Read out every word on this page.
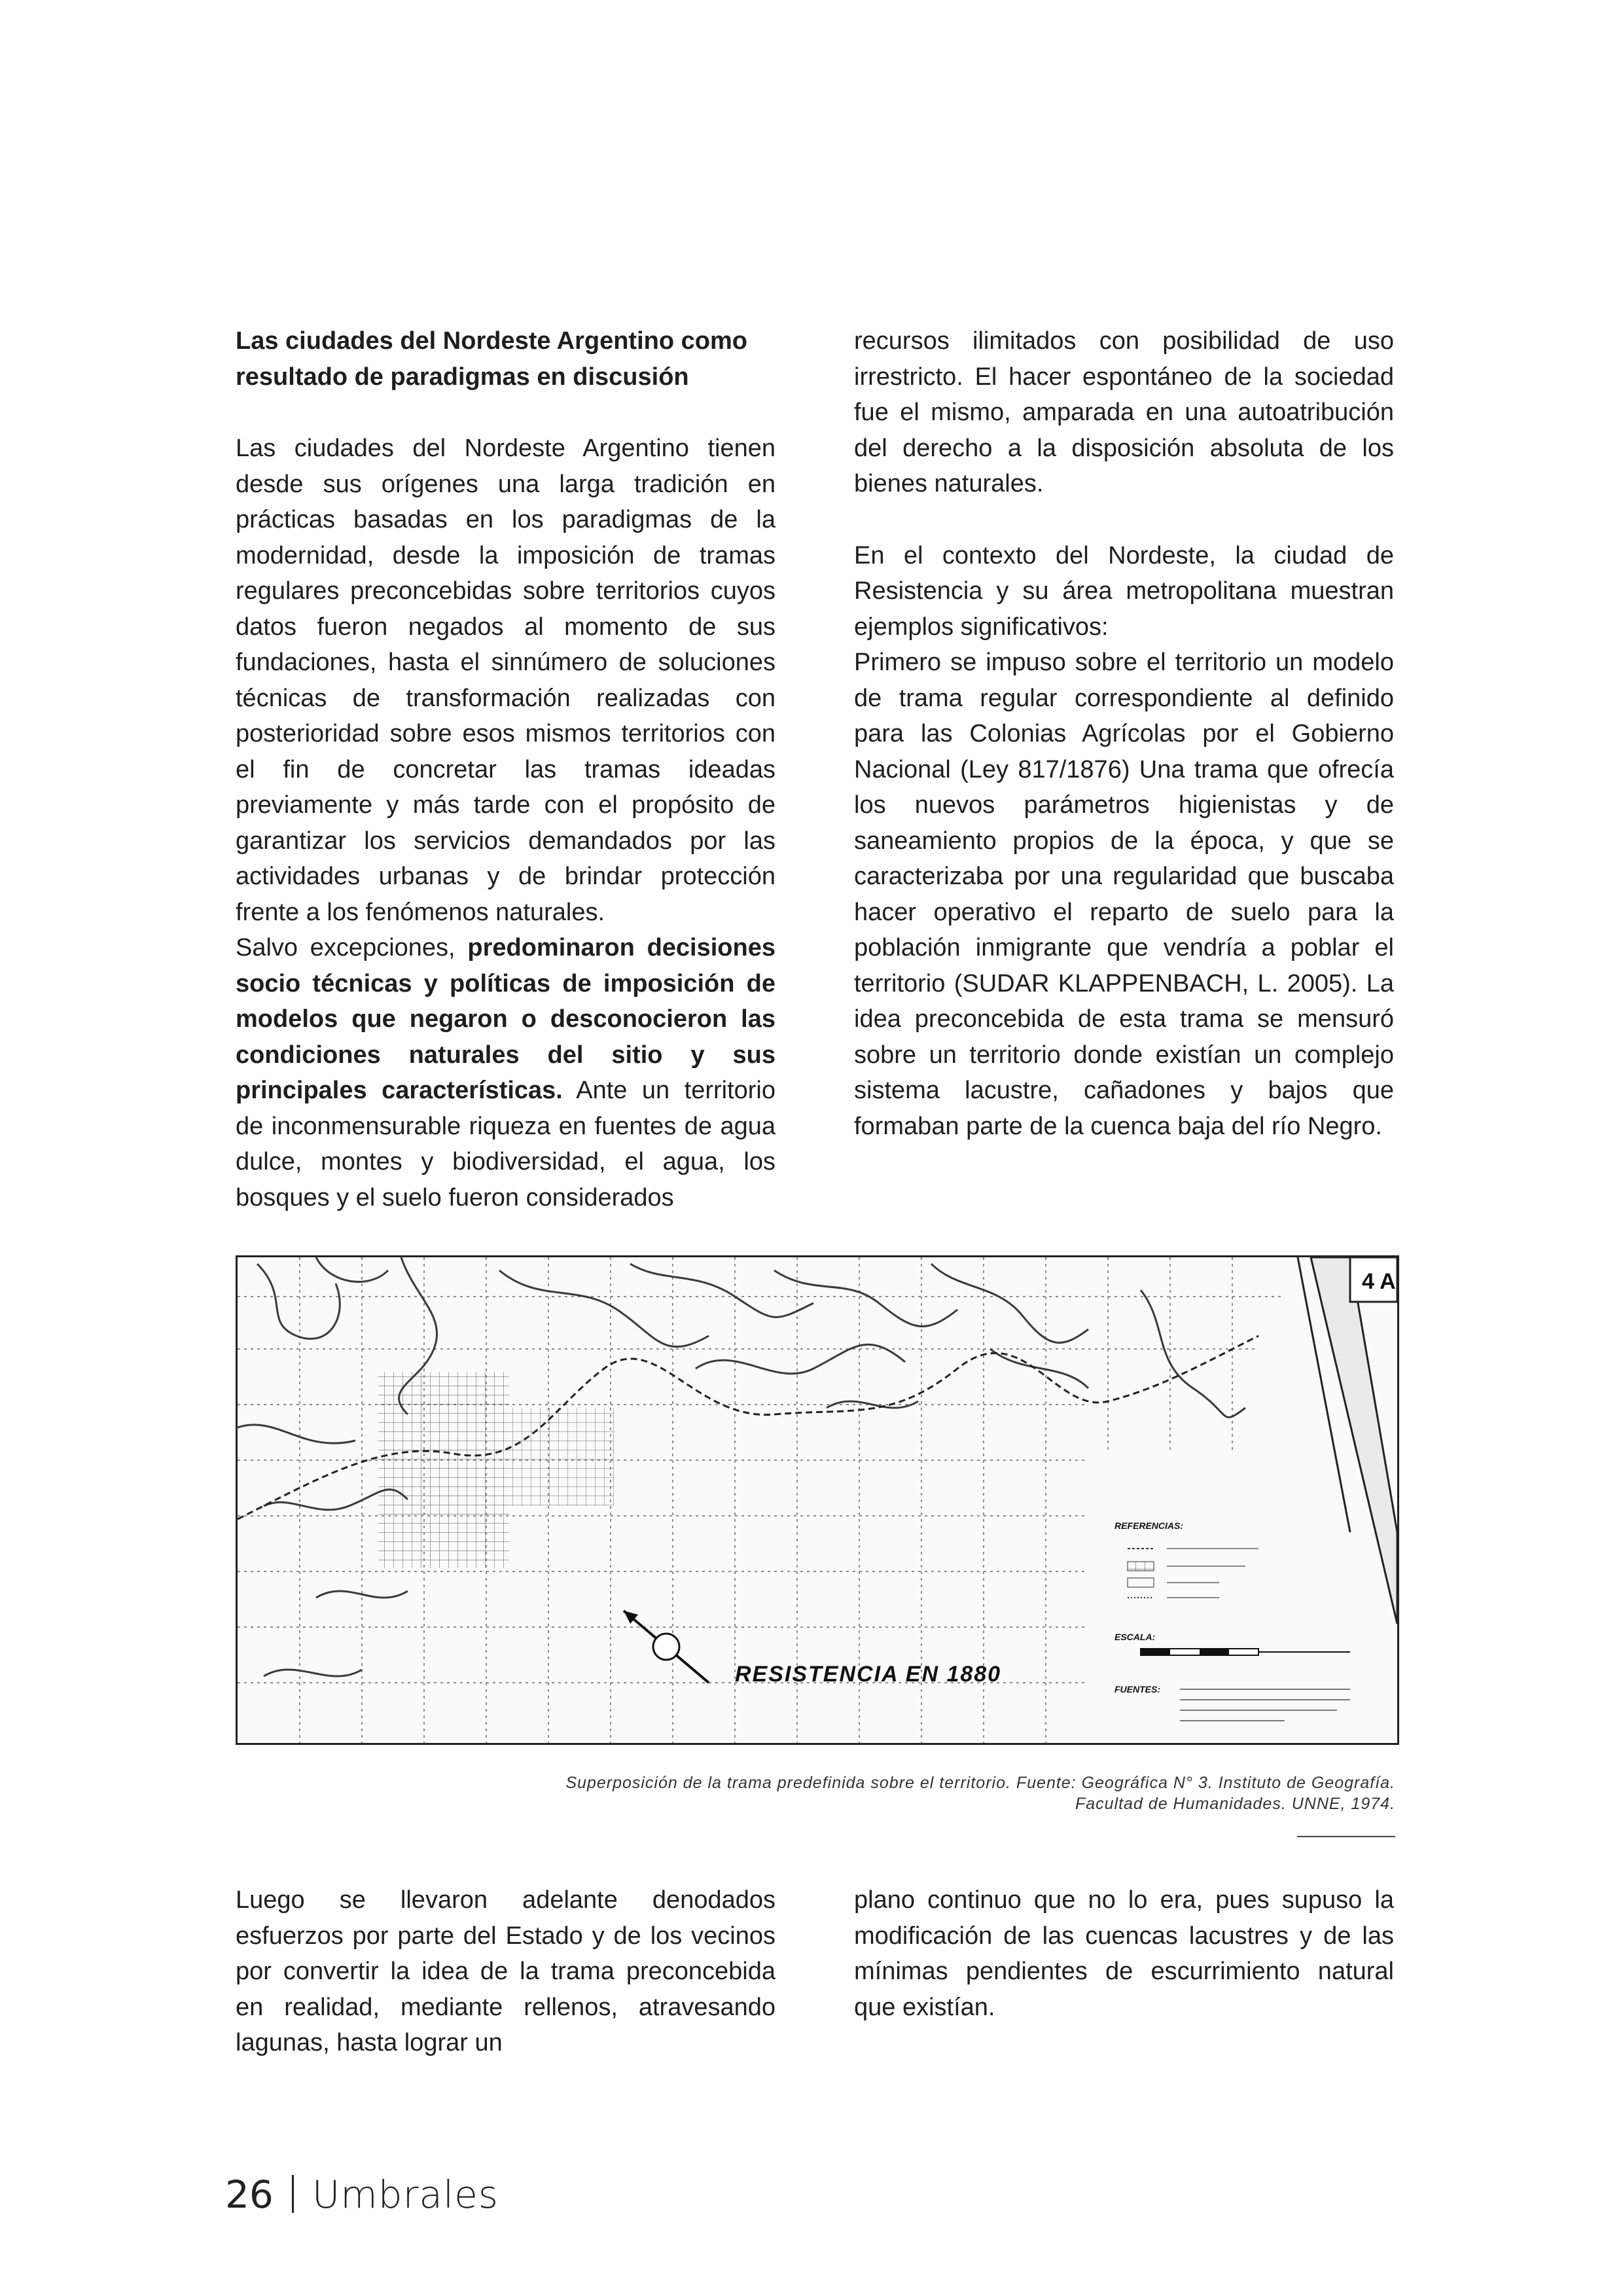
Las ciudades del Nordeste Argentino como resultado de paradigmas en discusión

Las ciudades del Nordeste Argentino tienen desde sus orígenes una larga tradición en prácticas basadas en los paradigmas de la modernidad, desde la imposición de tramas regulares preconcebidas sobre territorios cuyos datos fueron negados al momento de sus fundaciones, hasta el sinnúmero de soluciones técnicas de transformación realizadas con posterioridad sobre esos mismos territorios con el fin de concretar las tramas ideadas previamente y más tarde con el propósito de garantizar los servicios demandados por las actividades urbanas y de brindar protección frente a los fenómenos naturales.

Salvo excepciones, predominaron decisiones socio técnicas y políticas de imposición de modelos que negaron o desconocieron las condiciones naturales del sitio y sus principales características. Ante un territorio de inconmensurable riqueza en fuentes de agua dulce, montes y biodiversidad, el agua, los bosques y el suelo fueron considerados

recursos ilimitados con posibilidad de uso irrestricto. El hacer espontáneo de la sociedad fue el mismo, amparada en una autoatribución del derecho a la disposición absoluta de los bienes naturales.

En el contexto del Nordeste, la ciudad de Resistencia y su área metropolitana muestran ejemplos significativos:

Primero se impuso sobre el territorio un modelo de trama regular correspondiente al definido para las Colonias Agrícolas por el Gobierno Nacional (Ley 817/1876) Una trama que ofrecía los nuevos parámetros higienistas y de saneamiento propios de la época, y que se caracterizaba por una regularidad que buscaba hacer operativo el reparto de suelo para la población inmigrante que vendría a poblar el territorio (SUDAR KLAPPENBACH, L. 2005). La idea preconcebida de esta trama se mensuró sobre un territorio donde existían un complejo sistema lacustre, cañadones y bajos que formaban parte de la cuenca baja del río Negro.

4 A
RESISTENCIA EN 1880
REFERENCIAS:
ESCALA:
FUENTES:
Superposición de la trama predefinida sobre el territorio. Fuente: Geográfica N° 3. Instituto de Geografía.
Facultad de Humanidades. UNNE, 1974.

Luego se llevaron adelante denodados esfuerzos por parte del Estado y de los vecinos por convertir la idea de la trama preconcebida en realidad, mediante rellenos, atravesando lagunas, hasta lograr un

plano continuo que no lo era, pues supuso la modificación de las cuencas lacustres y de las mínimas pendientes de escurrimiento natural que existían.

26 Umbrales
